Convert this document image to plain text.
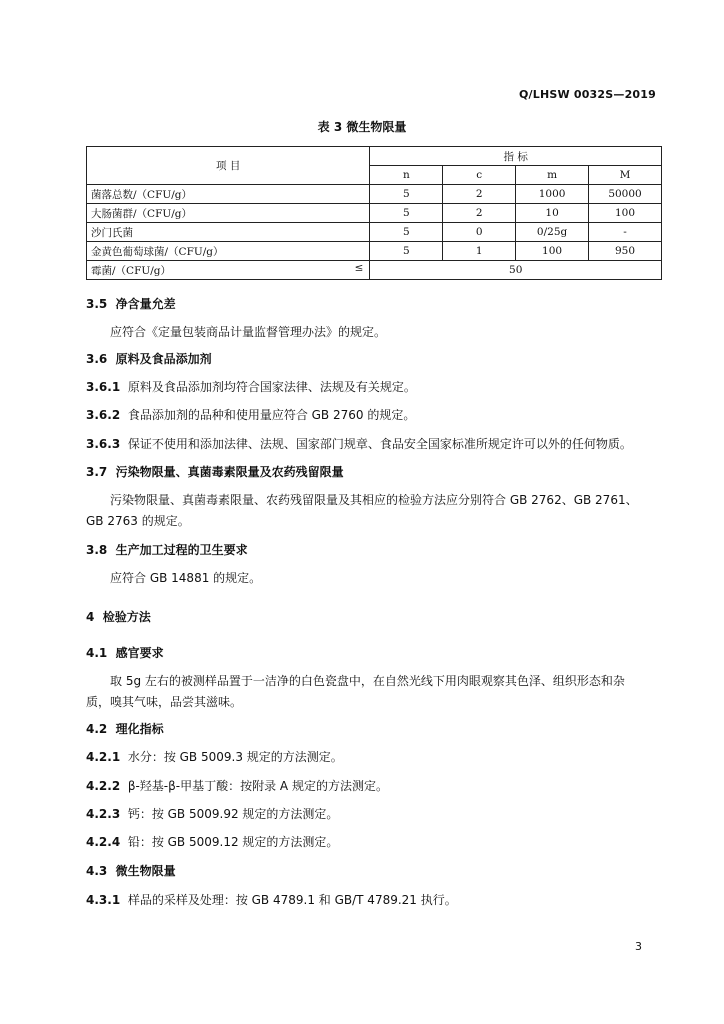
Q/LHSW 0032S—2019
表 3 微生物限量
项 目	指 标			
	n	c	m	M
菌落总数/（CFU/g）	5	2	1000	50000
大肠菌群/（CFU/g）	5	2	10	100
沙门氏菌	5	0	0/25g	-
金黄色葡萄球菌/（CFU/g）	5	1	100	950
霉菌/（CFU/g） ≤	50			
3.5 净含量允差
应符合《定量包装商品计量监督管理办法》的规定。
3.6 原料及食品添加剂
3.6.1 原料及食品添加剂均符合国家法律、法规及有关规定。
3.6.2 食品添加剂的品种和使用量应符合 GB 2760 的规定。
3.6.3 保证不使用和添加法律、法规、国家部门规章、食品安全国家标准所规定许可以外的任何物质。
3.7 污染物限量、真菌毒素限量及农药残留限量
污染物限量、真菌毒素限量、农药残留限量及其相应的检验方法应分别符合 GB 2762、GB 2761、
GB 2763 的规定。
3.8 生产加工过程的卫生要求
应符合 GB 14881 的规定。
4 检验方法
4.1 感官要求
取 5g 左右的被测样品置于一洁净的白色瓷盘中，在自然光线下用肉眼观察其色泽、组织形态和杂
质，嗅其气味，品尝其滋味。
4.2 理化指标
4.2.1 水分：按 GB 5009.3 规定的方法测定。
4.2.2 β-羟基-β-甲基丁酸：按附录 A 规定的方法测定。
4.2.3 钙：按 GB 5009.92 规定的方法测定。
4.2.4 铅：按 GB 5009.12 规定的方法测定。
4.3 微生物限量
4.3.1 样品的采样及处理：按 GB 4789.1 和 GB/T 4789.21 执行。
3
